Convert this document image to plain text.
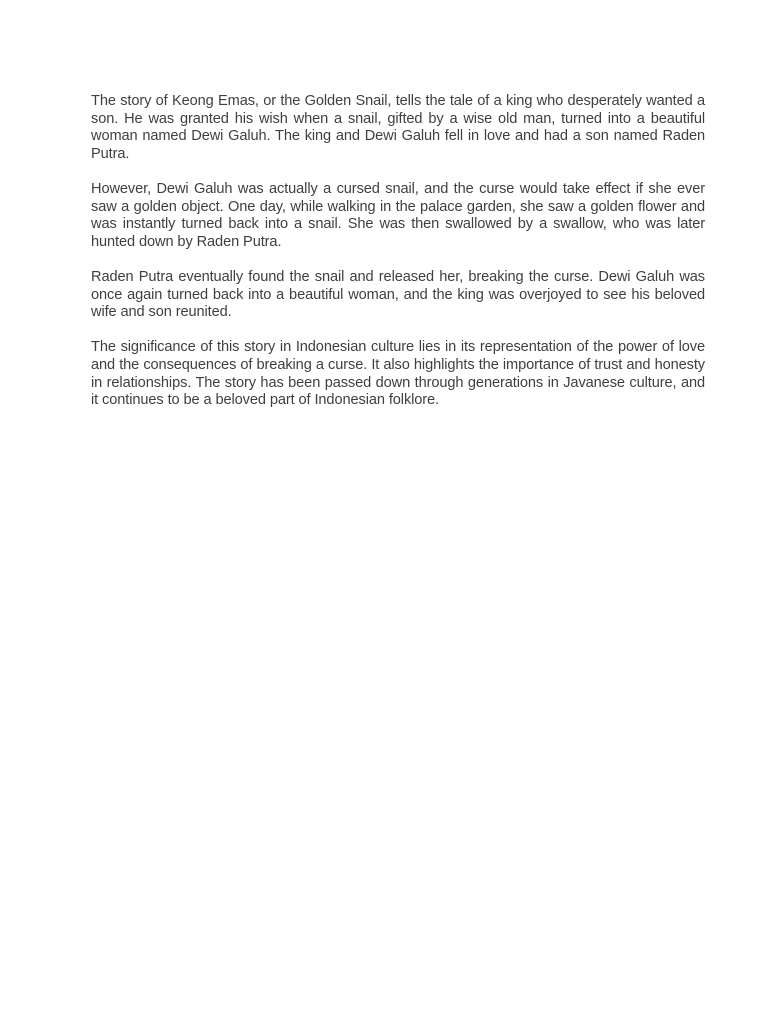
The story of Keong Emas, or the Golden Snail, tells the tale of a king who desperately wanted a son. He was granted his wish when a snail, gifted by a wise old man, turned into a beautiful woman named Dewi Galuh. The king and Dewi Galuh fell in love and had a son named Raden Putra.

However, Dewi Galuh was actually a cursed snail, and the curse would take effect if she ever saw a golden object. One day, while walking in the palace garden, she saw a golden flower and was instantly turned back into a snail. She was then swallowed by a swallow, who was later hunted down by Raden Putra.

Raden Putra eventually found the snail and released her, breaking the curse. Dewi Galuh was once again turned back into a beautiful woman, and the king was overjoyed to see his beloved wife and son reunited.

The significance of this story in Indonesian culture lies in its representation of the power of love and the consequences of breaking a curse. It also highlights the importance of trust and honesty in relationships. The story has been passed down through generations in Javanese culture, and it continues to be a beloved part of Indonesian folklore.
